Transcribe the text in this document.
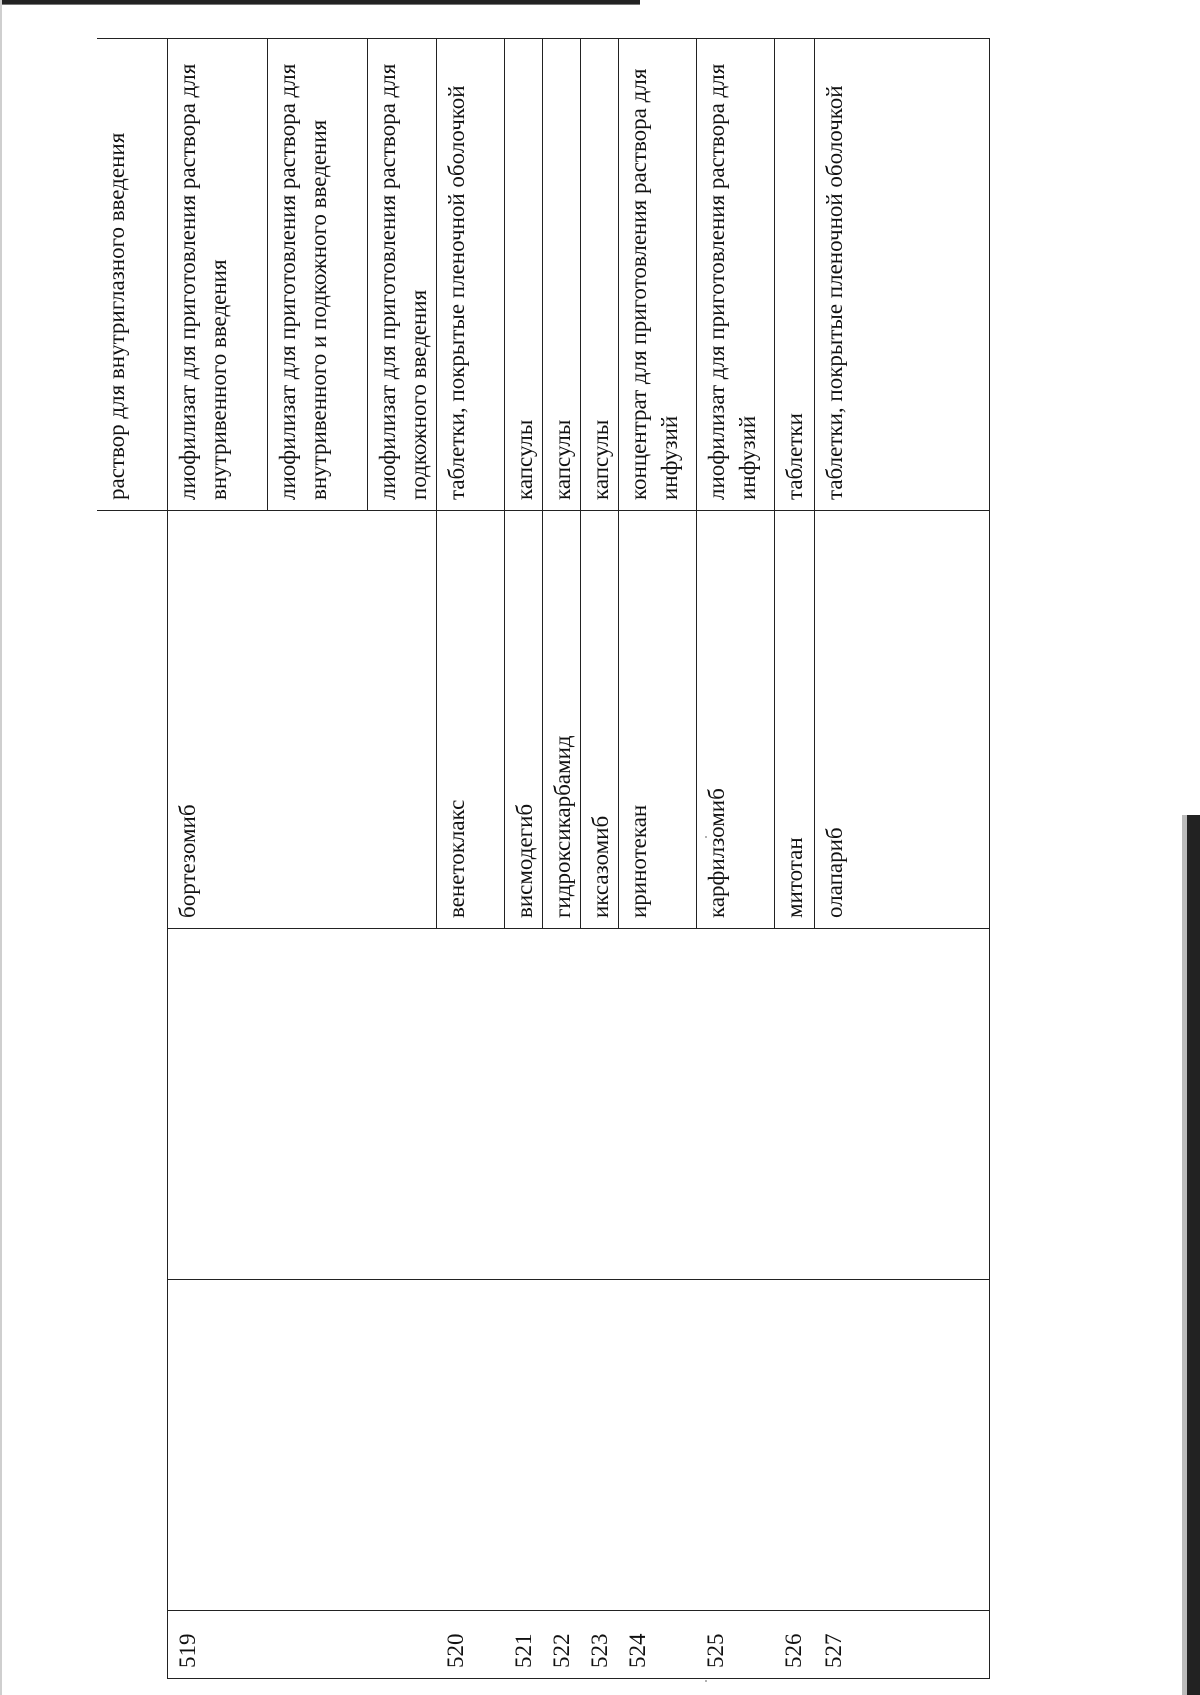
				раствор для внутриглазного введения
519			бортезомиб	лиофилизат для приготовления раствора для внутривенного введения
				лиофилизат для приготовления раствора для внутривенного и подкожного введения
				лиофилизат для приготовления раствора для подкожного введения
520			венетоклакс	таблетки, покрытые пленочной оболочкой
521			висмодегиб	капсулы
522			гидроксикарбамид	капсулы
523			иксазомиб	капсулы
524			иринотекан	концентрат для приготовления раствора для инфузий
525			карфилзомиб	лиофилизат для приготовления раствора для инфузий
526			митотан	таблетки
527			олапариб	таблетки, покрытые пленочной оболочкой
